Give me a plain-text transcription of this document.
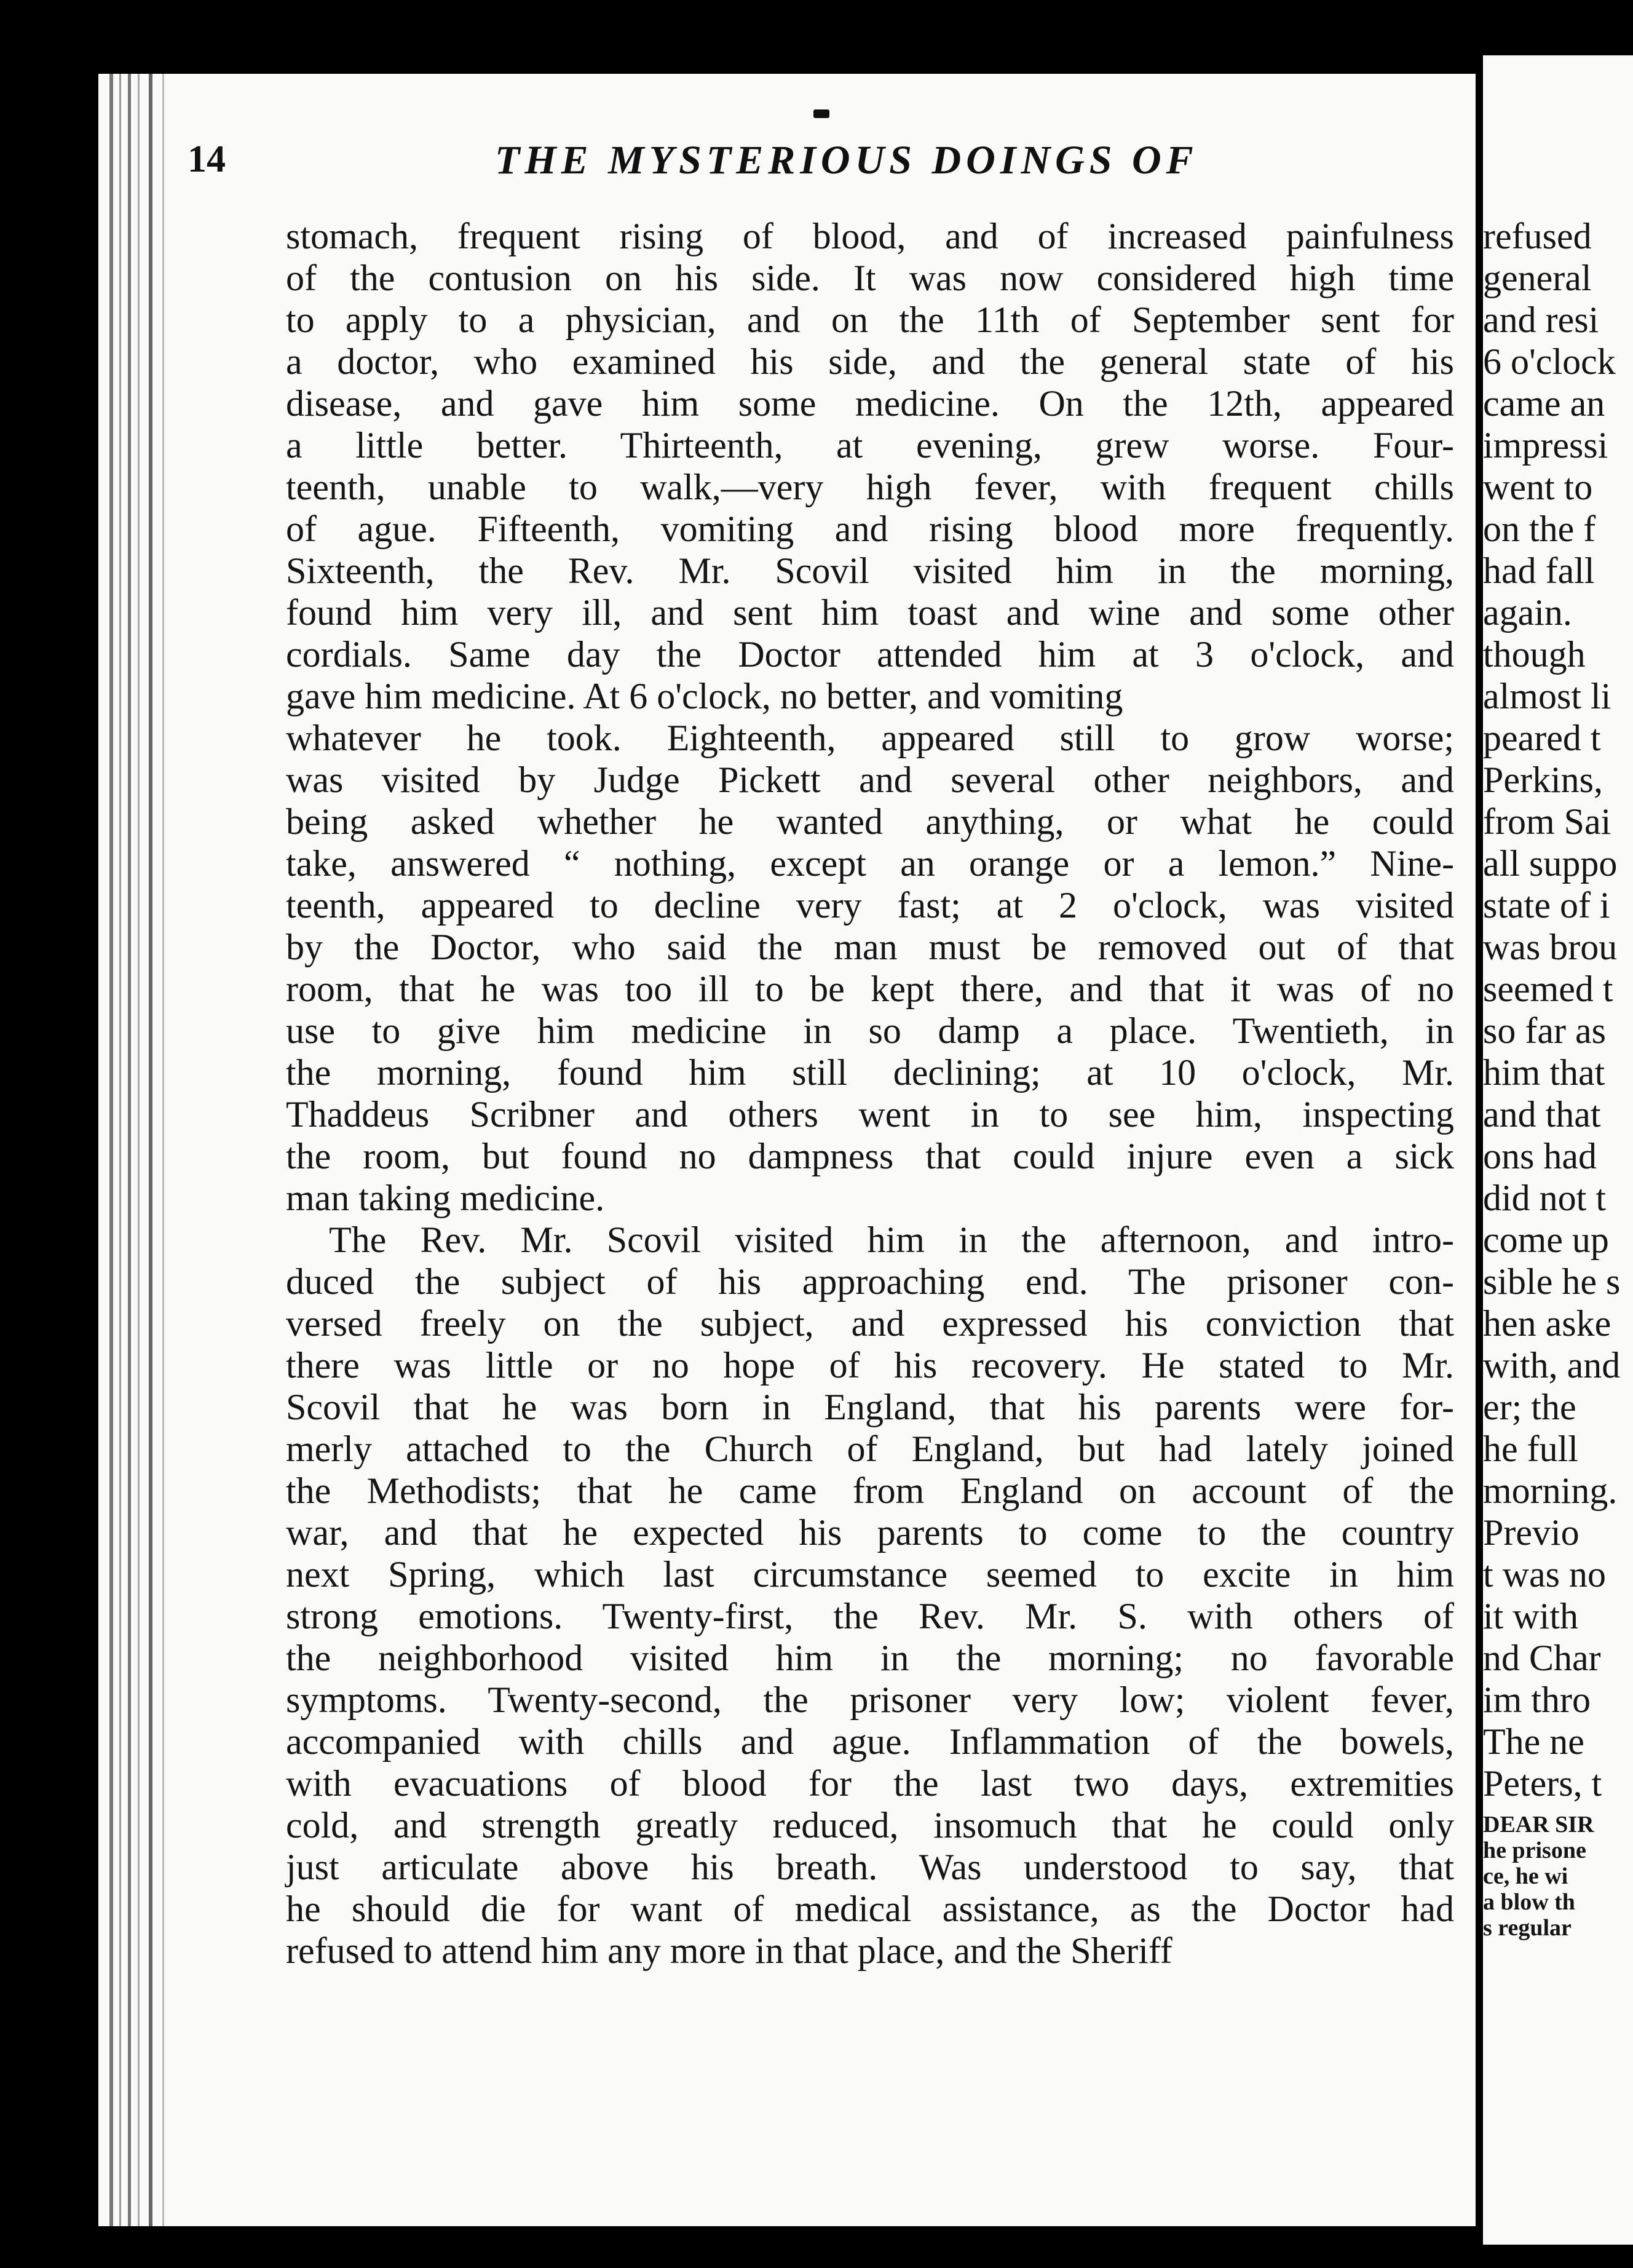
14	THE MYSTERIOUS DOINGS OF
stomach, frequent rising of blood, and of increased painfulness
of the contusion on his side. It was now considered high time
to apply to a physician, and on the 11th of September sent for
a doctor, who examined his side, and the general state of his
disease, and gave him some medicine. On the 12th, appeared
a little better. Thirteenth, at evening, grew worse. Four-
teenth, unable to walk,—very high fever, with frequent chills
of ague. Fifteenth, vomiting and rising blood more frequently.
Sixteenth, the Rev. Mr. Scovil visited him in the morning,
found him very ill, and sent him toast and wine and some other
cordials. Same day the Doctor attended him at 3 o'clock, and
gave him medicine. At 6 o'clock, no better, and vomiting
whatever he took. Eighteenth, appeared still to grow worse;
was visited by Judge Pickett and several other neighbors, and
being asked whether he wanted anything, or what he could
take, answered “ nothing, except an orange or a lemon.” Nine-
teenth, appeared to decline very fast; at 2 o'clock, was visited
by the Doctor, who said the man must be removed out of that
room, that he was too ill to be kept there, and that it was of no
use to give him medicine in so damp a place. Twentieth, in
the morning, found him still declining; at 10 o'clock, Mr.
Thaddeus Scribner and others went in to see him, inspecting
the room, but found no dampness that could injure even a sick
man taking medicine.
The Rev. Mr. Scovil visited him in the afternoon, and intro-
duced the subject of his approaching end. The prisoner con-
versed freely on the subject, and expressed his conviction that
there was little or no hope of his recovery. He stated to Mr.
Scovil that he was born in England, that his parents were for-
merly attached to the Church of England, but had lately joined
the Methodists; that he came from England on account of the
war, and that he expected his parents to come to the country
next Spring, which last circumstance seemed to excite in him
strong emotions. Twenty-first, the Rev. Mr. S. with others of
the neighborhood visited him in the morning; no favorable
symptoms. Twenty-second, the prisoner very low; violent fever,
accompanied with chills and ague. Inflammation of the bowels,
with evacuations of blood for the last two days, extremities
cold, and strength greatly reduced, insomuch that he could only
just articulate above his breath. Was understood to say, that
he should die for want of medical assistance, as the Doctor had
refused to attend him any more in that place, and the Sheriff
refused
general
and resi
6 o'clock
came an
impressi
went to
on the f
had fall
again.
though
almost li
peared t
Perkins,
from Sai
all suppo
state of i
was brou
seemed t
so far as
him that
and that
ons had
did not t
come up
sible he s
hen aske
with, and
er; the
he full
morning.
Previo
t was no
it with
nd Char
im thro
The ne
Peters, t
DEAR SIR
he prisone
ce, he wi
a blow th
s regular
